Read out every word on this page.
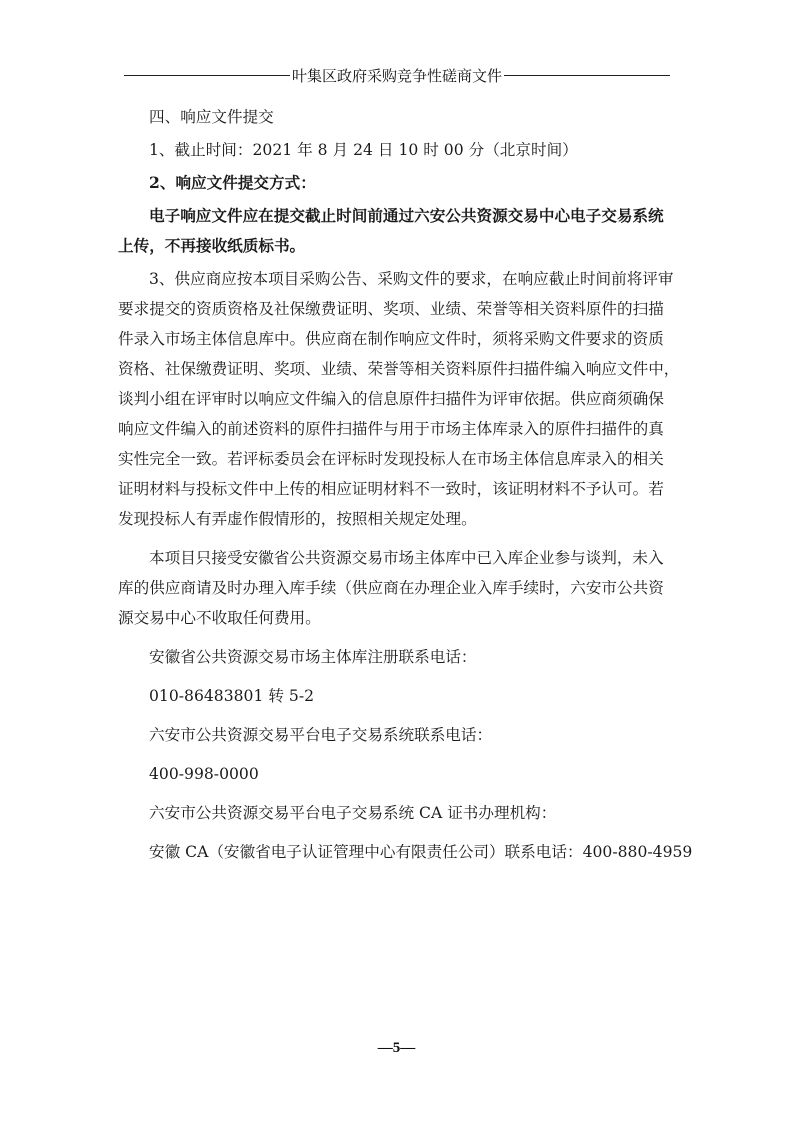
叶集区政府采购竞争性磋商文件

四、响应文件提交

1、截止时间：2021 年 8 月 24 日 10 时 00 分（北京时间）

2、响应文件提交方式：

电子响应文件应在提交截止时间前通过六安公共资源交易中心电子交易系统

上传，不再接收纸质标书。

3、供应商应按本项目采购公告、采购文件的要求，在响应截止时间前将评审

要求提交的资质资格及社保缴费证明、奖项、业绩、荣誉等相关资料原件的扫描

件录入市场主体信息库中。供应商在制作响应文件时，须将采购文件要求的资质

资格、社保缴费证明、奖项、业绩、荣誉等相关资料原件扫描件编入响应文件中，

谈判小组在评审时以响应文件编入的信息原件扫描件为评审依据。供应商须确保

响应文件编入的前述资料的原件扫描件与用于市场主体库录入的原件扫描件的真

实性完全一致。若评标委员会在评标时发现投标人在市场主体信息库录入的相关

证明材料与投标文件中上传的相应证明材料不一致时，该证明材料不予认可。若

发现投标人有弄虚作假情形的，按照相关规定处理。

本项目只接受安徽省公共资源交易市场主体库中已入库企业参与谈判，未入

库的供应商请及时办理入库手续（供应商在办理企业入库手续时，六安市公共资

源交易中心不收取任何费用。

安徽省公共资源交易市场主体库注册联系电话：

010-86483801 转 5-2

六安市公共资源交易平台电子交易系统联系电话：

400-998-0000

六安市公共资源交易平台电子交易系统 CA 证书办理机构：

安徽 CA（安徽省电子认证管理中心有限责任公司）联系电话：400-880-4959

—5—
